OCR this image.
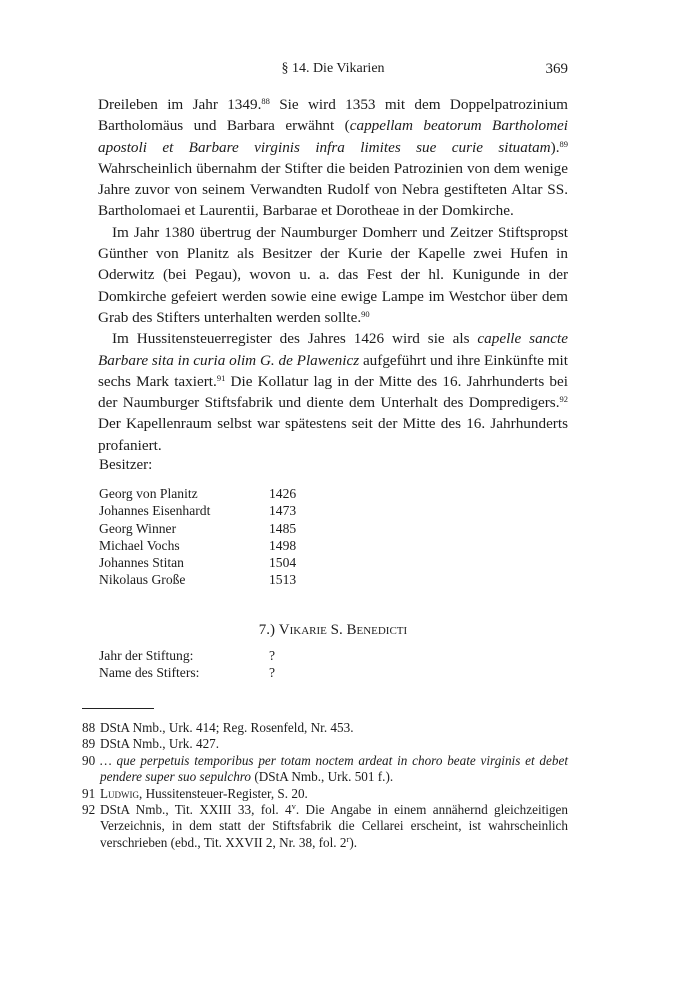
§ 14. Die Vikarien	369

Dreileben im Jahr 1349.88 Sie wird 1353 mit dem Doppelpatrozinium Bartholomäus und Barbara erwähnt (cappellam beatorum Bartholomei apostoli et Barbare virginis infra limites sue curie situatam).$^{89}$ Wahrscheinlich übernahm der Stifter die beiden Patrozinien von dem wenige Jahre zuvor von seinem Verwandten Rudolf von Nebra gestifteten Altar SS. Bartholomaei et Laurentii, Barbarae et Dorotheae in der Domkirche.

Im Jahr 1380 übertrug der Naumburger Domherr und Zeitzer Stiftspropst Günther von Planitz als Besitzer der Kurie der Kapelle zwei Hufen in Oderwitz (bei Pegau), wovon u. a. das Fest der hl. Kunigunde in der Domkirche gefeiert werden sowie eine ewige Lampe im Westchor über dem Grab des Stifters unterhalten werden sollte.$^{90}$

Im Hussitensteuerregister des Jahres 1426 wird sie als capelle sancte Barbare sita in curia olim G. de Plawenicz aufgeführt und ihre Einkünfte mit sechs Mark taxiert.$^{91}$ Die Kollatur lag in der Mitte des 16. Jahrhunderts bei der Naumburger Stiftsfabrik und diente dem Unterhalt des Dompredigers.$^{92}$ Der Kapellenraum selbst war spätestens seit der Mitte des 16. Jahrhunderts profaniert.

Besitzer:
Georg von Planitz	1426
Johannes Eisenhardt	1473
Georg Winner	1485
Michael Vochs	1498
Johannes Stitan	1504
Nikolaus Große	1513
7.) Vikarie S. Benedicti
Jahr der Stiftung:	?
Name des Stifters:	?
88 DStA Nmb., Urk. 414; Reg. Rosenfeld, Nr. 453.
89 DStA Nmb., Urk. 427.
90 … que perpetuis temporibus per totam noctem ardeat in choro beate virginis et debet pendere super suo sepulchro (DStA Nmb., Urk. 501 f.).
91 Ludwig, Hussitensteuer-Register, S. 20.
92 DStA Nmb., Tit. XXIII 33, fol. 4$^v$. Die Angabe in einem annähernd gleichzeitigen Verzeichnis, in dem statt der Stiftsfabrik die Cellarei erscheint, ist wahrscheinlich verschrieben (ebd., Tit. XXVII 2, Nr. 38, fol. 2$^r$).
